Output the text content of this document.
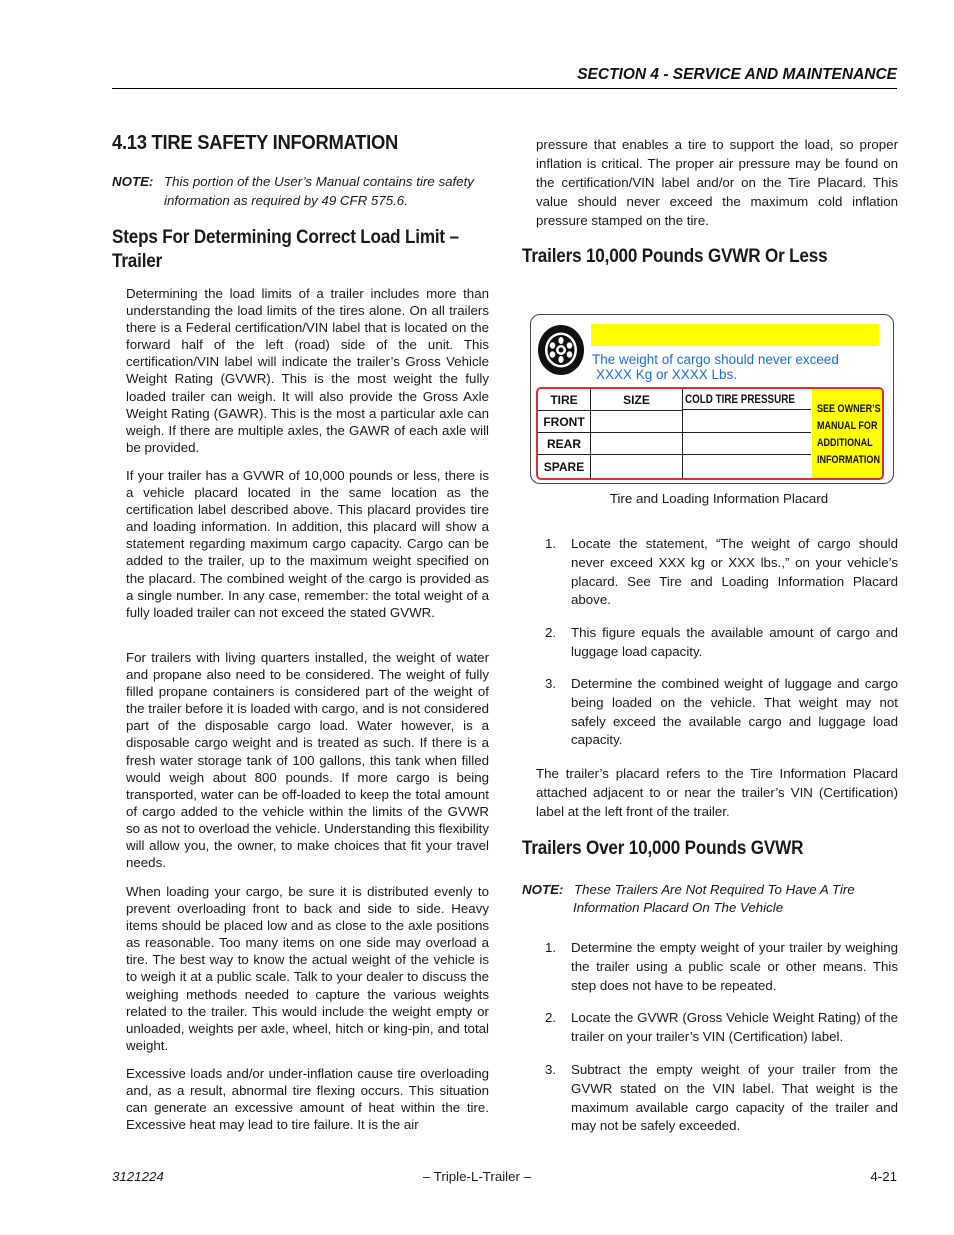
SECTION 4 - SERVICE AND MAINTENANCE
4.13 TIRE SAFETY INFORMATION
NOTE: This portion of the User’s Manual contains tire safety
information as required by 49 CFR 575.6.
Steps For Determining Correct Load Limit –
Trailer

Determining the load limits of a trailer includes more than understanding the load limits of the tires alone. On all trailers there is a Federal certification/VIN label that is located on the forward half of the left (road) side of the unit. This certification/VIN label will indicate the trailer’s Gross Vehicle Weight Rating (GVWR). This is the most weight the fully loaded trailer can weigh. It will also provide the Gross Axle Weight Rating (GAWR). This is the most a particular axle can weigh. If there are multiple axles, the GAWR of each axle will be provided.

If your trailer has a GVWR of 10,000 pounds or less, there is a vehicle placard located in the same location as the certification label described above. This placard provides tire and loading information. In addition, this placard will show a statement regarding maximum cargo capacity. Cargo can be added to the trailer, up to the maximum weight specified on the placard. The combined weight of the cargo is provided as a single number. In any case, remember: the total weight of a fully loaded trailer can not exceed the stated GVWR.

For trailers with living quarters installed, the weight of water and propane also need to be considered. The weight of fully filled propane containers is considered part of the weight of the trailer before it is loaded with cargo, and is not considered part of the disposable cargo load. Water however, is a disposable cargo weight and is treated as such. If there is a fresh water storage tank of 100 gallons, this tank when filled would weigh about 800 pounds. If more cargo is being transported, water can be off-loaded to keep the total amount of cargo added to the vehicle within the limits of the GVWR so as not to overload the vehicle. Understanding this flexibility will allow you, the owner, to make choices that fit your travel needs.

When loading your cargo, be sure it is distributed evenly to prevent overloading front to back and side to side. Heavy items should be placed low and as close to the axle positions as reasonable. Too many items on one side may overload a tire. The best way to know the actual weight of the vehicle is to weigh it at a public scale. Talk to your dealer to discuss the weighing methods needed to capture the various weights related to the trailer. This would include the weight empty or unloaded, weights per axle, wheel, hitch or king-pin, and total weight.

Excessive loads and/or under-inflation cause tire overloading and, as a result, abnormal tire flexing occurs. This situation can generate an excessive amount of heat within the tire. Excessive heat may lead to tire failure. It is the air

pressure that enables a tire to support the load, so proper inflation is critical. The proper air pressure may be found on the certification/VIN label and/or on the Tire Placard. This value should never exceed the maximum cold inflation pressure stamped on the tire.

Trailers 10,000 Pounds GVWR Or Less
The weight of cargo should never exceed
XXXX Kg or XXXX Lbs.
TIRE	SIZE	COLD TIRE PRESSURE
FRONT
REAR
SPARE
SEE OWNER’S
MANUAL FOR
ADDITIONAL
INFORMATION
Tire and Loading Information Placard
1. Locate the statement, “The weight of cargo should never exceed XXX kg or XXX lbs.,” on your vehicle’s placard. See Tire and Loading Information Placard above.

2. This figure equals the available amount of cargo and luggage load capacity.

3. Determine the combined weight of luggage and cargo being loaded on the vehicle. That weight may not safely exceed the available cargo and luggage load capacity.

The trailer’s placard refers to the Tire Information Placard attached adjacent to or near the trailer’s VIN (Certification) label at the left front of the trailer.

Trailers Over 10,000 Pounds GVWR
NOTE: These Trailers Are Not Required To Have A Tire
Information Placard On The Vehicle
1. Determine the empty weight of your trailer by weighing the trailer using a public scale or other means. This step does not have to be repeated.

2. Locate the GVWR (Gross Vehicle Weight Rating) of the trailer on your trailer’s VIN (Certification) label.

3. Subtract the empty weight of your trailer from the GVWR stated on the VIN label. That weight is the maximum available cargo capacity of the trailer and may not be safely exceeded.

3121224	– Triple-L-Trailer –	4-21
